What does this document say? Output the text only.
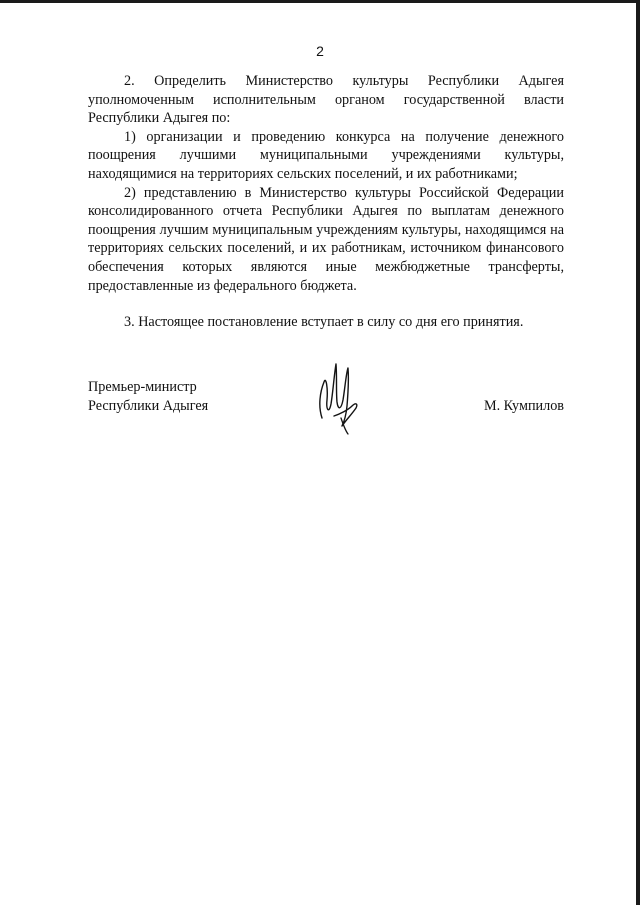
2

2. Определить Министерство культуры Республики Адыгея уполномоченным исполнительным органом государственной власти Республики Адыгея по:

1) организации и проведению конкурса на получение денежного поощрения лучшими муниципальными учреждениями культуры, находящимися на территориях сельских поселений, и их работниками;

2) представлению в Министерство культуры Российской Федерации консолидированного отчета Республики Адыгея по выплатам денежного поощрения лучшим муниципальным учреждениям культуры, находящимся на территориях сельских поселений, и их работникам, источником финансового обеспечения которых являются иные межбюджетные трансферты, предоставленные из федерального бюджета.

3. Настоящее постановление вступает в силу со дня его принятия.

Премьер-министр
Республики Адыгея	М. Кумпилов
